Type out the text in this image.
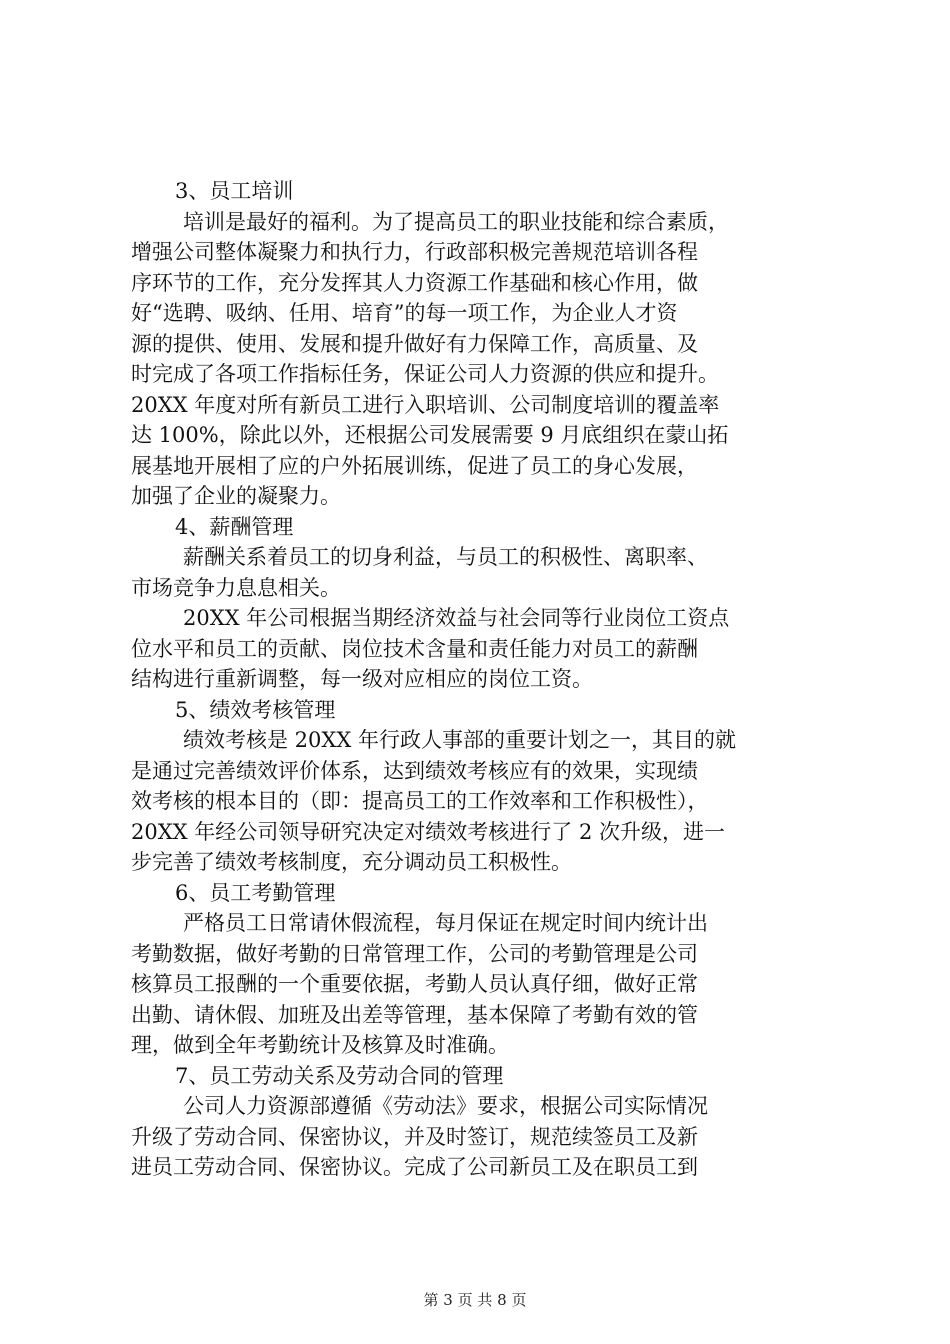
3、员工培训
培训是最好的福利。为了提高员工的职业技能和综合素质，
增强公司整体凝聚力和执行力，行政部积极完善规范培训各程
序环节的工作，充分发挥其人力资源工作基础和核心作用，做
好“选聘、吸纳、任用、培育”的每一项工作，为企业人才资
源的提供、使用、发展和提升做好有力保障工作，高质量、及
时完成了各项工作指标任务，保证公司人力资源的供应和提升。
20XX 年度对所有新员工进行入职培训、公司制度培训的覆盖率
达 100%，除此以外，还根据公司发展需要 9 月底组织在蒙山拓
展基地开展相了应的户外拓展训练，促进了员工的身心发展，
加强了企业的凝聚力。
4、薪酬管理
薪酬关系着员工的切身利益，与员工的积极性、离职率、
市场竞争力息息相关。
20XX 年公司根据当期经济效益与社会同等行业岗位工资点
位水平和员工的贡献、岗位技术含量和责任能力对员工的薪酬
结构进行重新调整，每一级对应相应的岗位工资。
5、绩效考核管理
绩效考核是 20XX 年行政人事部的重要计划之一，其目的就
是通过完善绩效评价体系，达到绩效考核应有的效果，实现绩
效考核的根本目的（即：提高员工的工作效率和工作积极性），
20XX 年经公司领导研究决定对绩效考核进行了 2 次升级，进一
步完善了绩效考核制度，充分调动员工积极性。
6、员工考勤管理
严格员工日常请休假流程，每月保证在规定时间内统计出
考勤数据，做好考勤的日常管理工作，公司的考勤管理是公司
核算员工报酬的一个重要依据，考勤人员认真仔细，做好正常
出勤、请休假、加班及出差等管理，基本保障了考勤有效的管
理，做到全年考勤统计及核算及时准确。
7、员工劳动关系及劳动合同的管理
公司人力资源部遵循《劳动法》要求，根据公司实际情况
升级了劳动合同、保密协议，并及时签订，规范续签员工及新
进员工劳动合同、保密协议。完成了公司新员工及在职员工到
第 3 页 共 8 页
